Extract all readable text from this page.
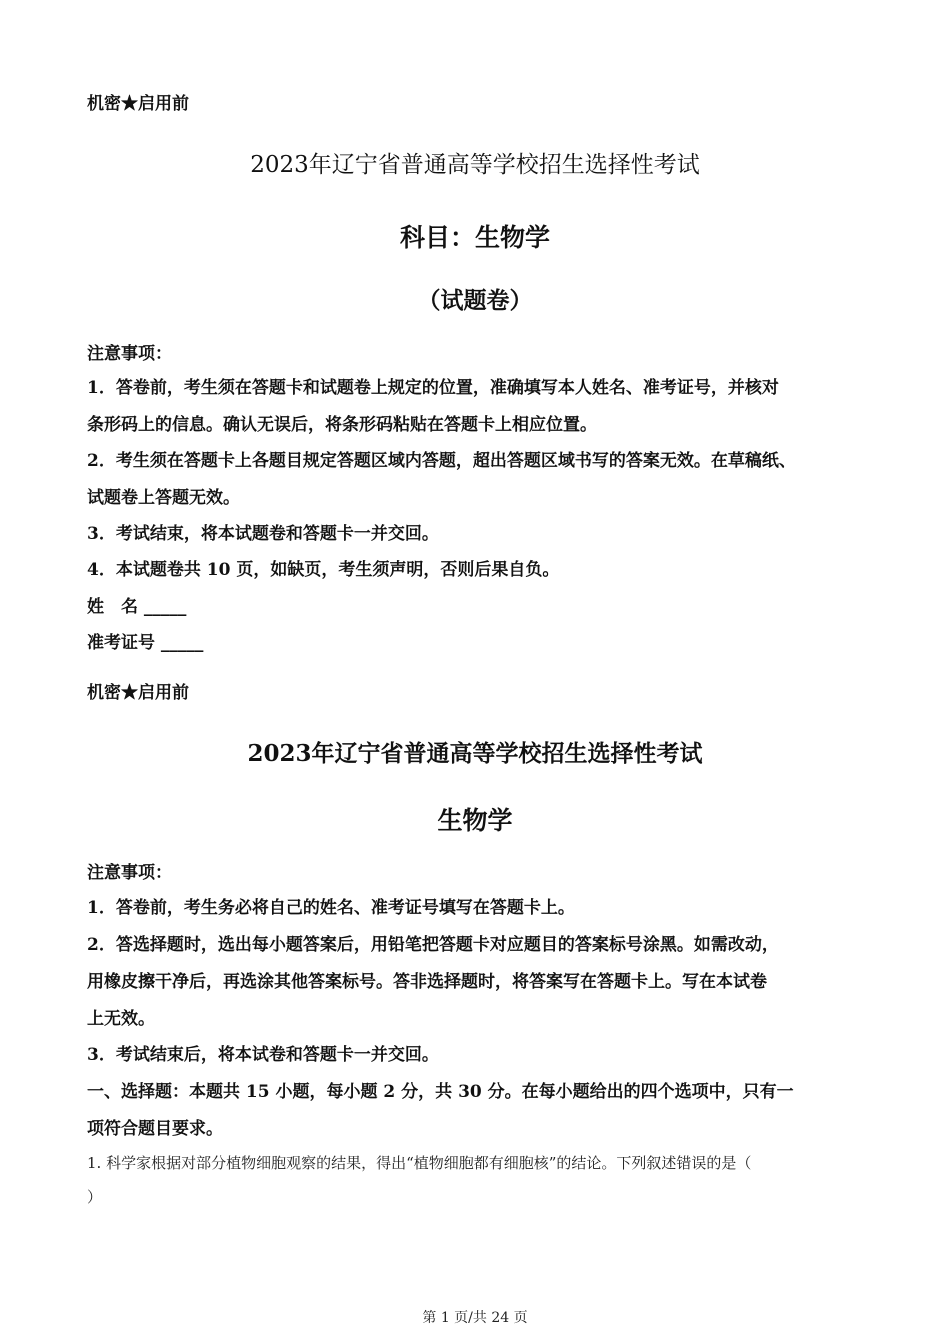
机密★启用前
2023年辽宁省普通高等学校招生选择性考试
科目：生物学
（试题卷）
注意事项：
1．答卷前，考生须在答题卡和试题卷上规定的位置，准确填写本人姓名、准考证号，并核对
条形码上的信息。确认无误后，将条形码粘贴在答题卡上相应位置。
2．考生须在答题卡上各题目规定答题区域内答题，超出答题区域书写的答案无效。在草稿纸、
试题卷上答题无效。
3．考试结束，将本试题卷和答题卡一并交回。
4．本试题卷共 10 页，如缺页，考生须声明，否则后果自负。
姓　名 _____
准考证号 _____
机密★启用前
2023年辽宁省普通高等学校招生选择性考试
生物学
注意事项：
1．答卷前，考生务必将自己的姓名、准考证号填写在答题卡上。
2．答选择题时，选出每小题答案后，用铅笔把答题卡对应题目的答案标号涂黑。如需改动，
用橡皮擦干净后，再选涂其他答案标号。答非选择题时，将答案写在答题卡上。写在本试卷
上无效。
3．考试结束后，将本试卷和答题卡一并交回。
一、选择题：本题共 15 小题，每小题 2 分，共 30 分。在每小题给出的四个选项中，只有一
项符合题目要求。
1. 科学家根据对部分植物细胞观察的结果，得出“植物细胞都有细胞核”的结论。下列叙述错误的是（
）
第 1 页/共 24 页
